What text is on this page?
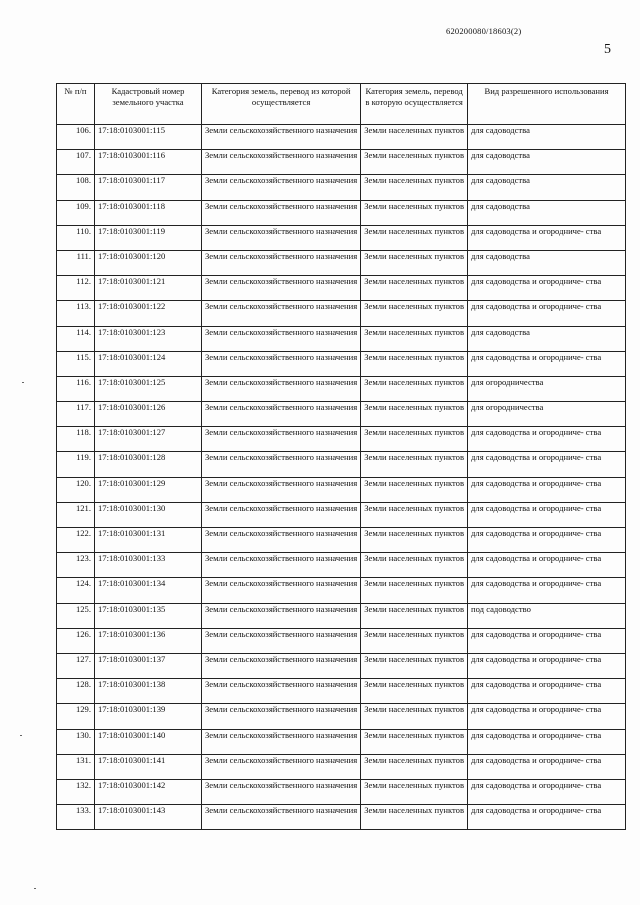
620200080/18603(2)
5
№ п/п	Кадастровый номер земельного участка	Категория земель, перевод из которой осуществляется	Категория земель, перевод в которую осуществляется	Вид разрешенного использования
106.	17:18:0103001:115	Земли сельскохозяйственного назначения	Земли населенных пунктов	для садоводства
107.	17:18:0103001:116	Земли сельскохозяйственного назначения	Земли населенных пунктов	для садоводства
108.	17:18:0103001:117	Земли сельскохозяйственного назначения	Земли населенных пунктов	для садоводства
109.	17:18:0103001:118	Земли сельскохозяйственного назначения	Земли населенных пунктов	для садоводства
110.	17:18:0103001:119	Земли сельскохозяйственного назначения	Земли населенных пунктов	для садоводства и огородниче- ства
111.	17:18:0103001:120	Земли сельскохозяйственного назначения	Земли населенных пунктов	для садоводства
112.	17:18:0103001:121	Земли сельскохозяйственного назначения	Земли населенных пунктов	для садоводства и огородниче- ства
113.	17:18:0103001:122	Земли сельскохозяйственного назначения	Земли населенных пунктов	для садоводства и огородниче- ства
114.	17:18:0103001:123	Земли сельскохозяйственного назначения	Земли населенных пунктов	для садоводства
115.	17:18:0103001:124	Земли сельскохозяйственного назначения	Земли населенных пунктов	для садоводства и огородниче- ства
116.	17:18:0103001:125	Земли сельскохозяйственного назначения	Земли населенных пунктов	для огородничества
117.	17:18:0103001:126	Земли сельскохозяйственного назначения	Земли населенных пунктов	для огородничества
118.	17:18:0103001:127	Земли сельскохозяйственного назначения	Земли населенных пунктов	для садоводства и огородниче- ства
119.	17:18:0103001:128	Земли сельскохозяйственного назначения	Земли населенных пунктов	для садоводства и огородниче- ства
120.	17:18:0103001:129	Земли сельскохозяйственного назначения	Земли населенных пунктов	для садоводства и огородниче- ства
121.	17:18:0103001:130	Земли сельскохозяйственного назначения	Земли населенных пунктов	для садоводства и огородниче- ства
122.	17:18:0103001:131	Земли сельскохозяйственного назначения	Земли населенных пунктов	для садоводства и огородниче- ства
123.	17:18:0103001:133	Земли сельскохозяйственного назначения	Земли населенных пунктов	для садоводства и огородниче- ства
124.	17:18:0103001:134	Земли сельскохозяйственного назначения	Земли населенных пунктов	для садоводства и огородниче- ства
125.	17:18:0103001:135	Земли сельскохозяйственного назначения	Земли населенных пунктов	под садоводство
126.	17:18:0103001:136	Земли сельскохозяйственного назначения	Земли населенных пунктов	для садоводства и огородниче- ства
127.	17:18:0103001:137	Земли сельскохозяйственного назначения	Земли населенных пунктов	для садоводства и огородниче- ства
128.	17:18:0103001:138	Земли сельскохозяйственного назначения	Земли населенных пунктов	для садоводства и огородниче- ства
129.	17:18:0103001:139	Земли сельскохозяйственного назначения	Земли населенных пунктов	для садоводства и огородниче- ства
130.	17:18:0103001:140	Земли сельскохозяйственного назначения	Земли населенных пунктов	для садоводства и огородниче- ства
131.	17:18:0103001:141	Земли сельскохозяйственного назначения	Земли населенных пунктов	для садоводства и огородниче- ства
132.	17:18:0103001:142	Земли сельскохозяйственного назначения	Земли населенных пунктов	для садоводства и огородниче- ства
133.	17:18:0103001:143	Земли сельскохозяйственного назначения	Земли населенных пунктов	для садоводства и огородниче- ства
